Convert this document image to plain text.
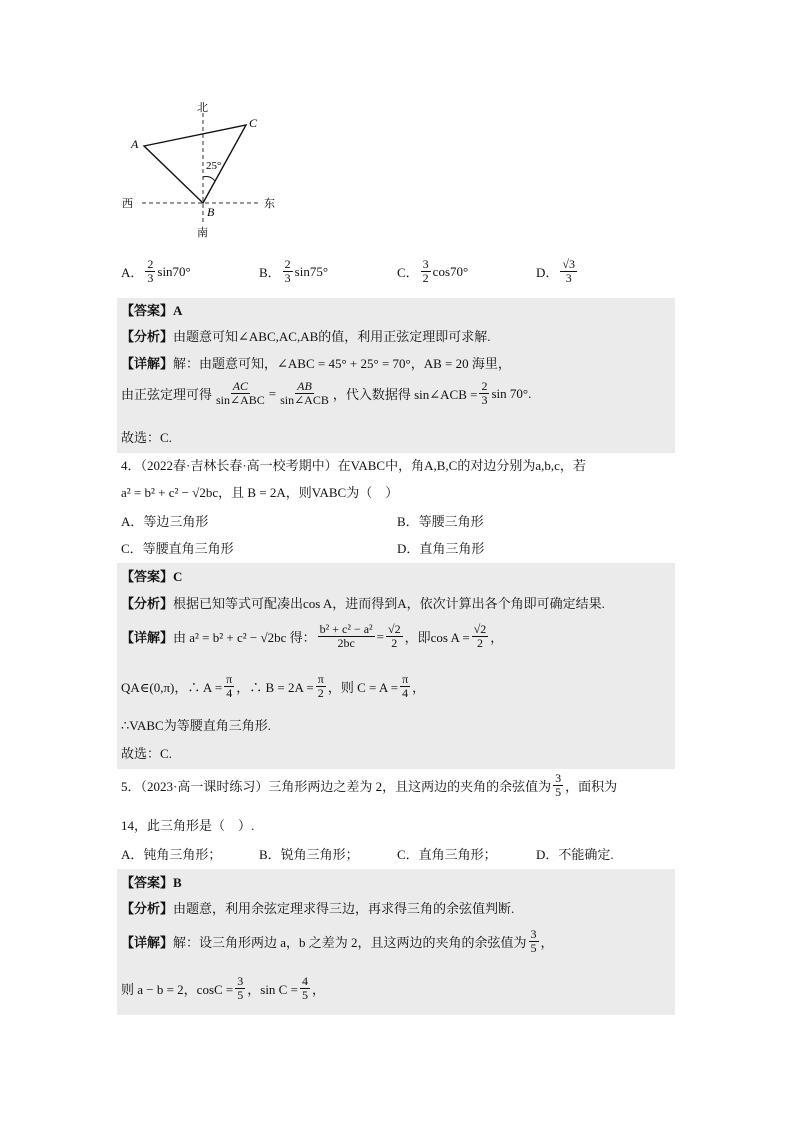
北
南
西	东
A
B
C
25°
A． $\frac{2}{3} \sin 70^\circ$	B． $\frac{2}{3} \sin 75^\circ$	C． $\frac{3}{2} \cos 70^\circ$	D． $\frac{√3}{3}$
【答案】A
【分析】 由题意可知∠ABC,AC,AB的值，利用正弦定理即可求解.
【详解】 解：由题意可知，∠ABC = 45° + 25° = 70°，AB = 20 海里，
由正弦定理可得 $\frac{AC}{\text{sin∠ABC}} = \frac{AB}{\text{sin∠ACB}}$ ，代入数据得 sin∠ACB = $\frac{2}{3}$ sin 70°.
故选：C.
4．（2022春·吉林长春·高一校考期中）在VABC中，角A,B,C的对边分别为a,b,c，若
a² = b² + c² − √2bc，且 B = 2A，则VABC为（　）
A．等边三角形	B．等腰三角形
C．等腰直角三角形	D．直角三角形
【答案】C
【分析】 根据已知等式可配凑出cos A，进而得到A，依次计算出各个角即可确定结果.
【详解】 由 a² = b² + c² − √2bc 得： $\frac{\text{b² + c² − a²}}{2bc} = \frac{√2}{2}$ ，即$\cos A = \frac{√2}{2}$ ，
QA∈(0,π)，∴ $A = \frac{\pi}{4}$ ，∴ $B = 2A = \frac{\pi}{2}$ ，则 $C = A = \frac{\pi}{4}$ ，
∴VABC为等腰直角三角形.
故选：C.
5．（2023·高一课时练习）三角形两边之差为 2，且这两边的夹角的余弦值为 $\frac{3}{5}$ ，面积为
14，此三角形是（　）.
A．钝角三角形；	B．锐角三角形；	C．直角三角形；	D．不能确定.
【答案】B
【分析】 由题意，利用余弦定理求得三边，再求得三角的余弦值判断.
【详解】 解：设三角形两边 a，b 之差为 2，且这两边的夹角的余弦值为 $\frac{3}{5}$ ，
则 a − b = 2，$\cos C = \frac{3}{5}$ ，$\sin C = \frac{4}{5}$ ，
